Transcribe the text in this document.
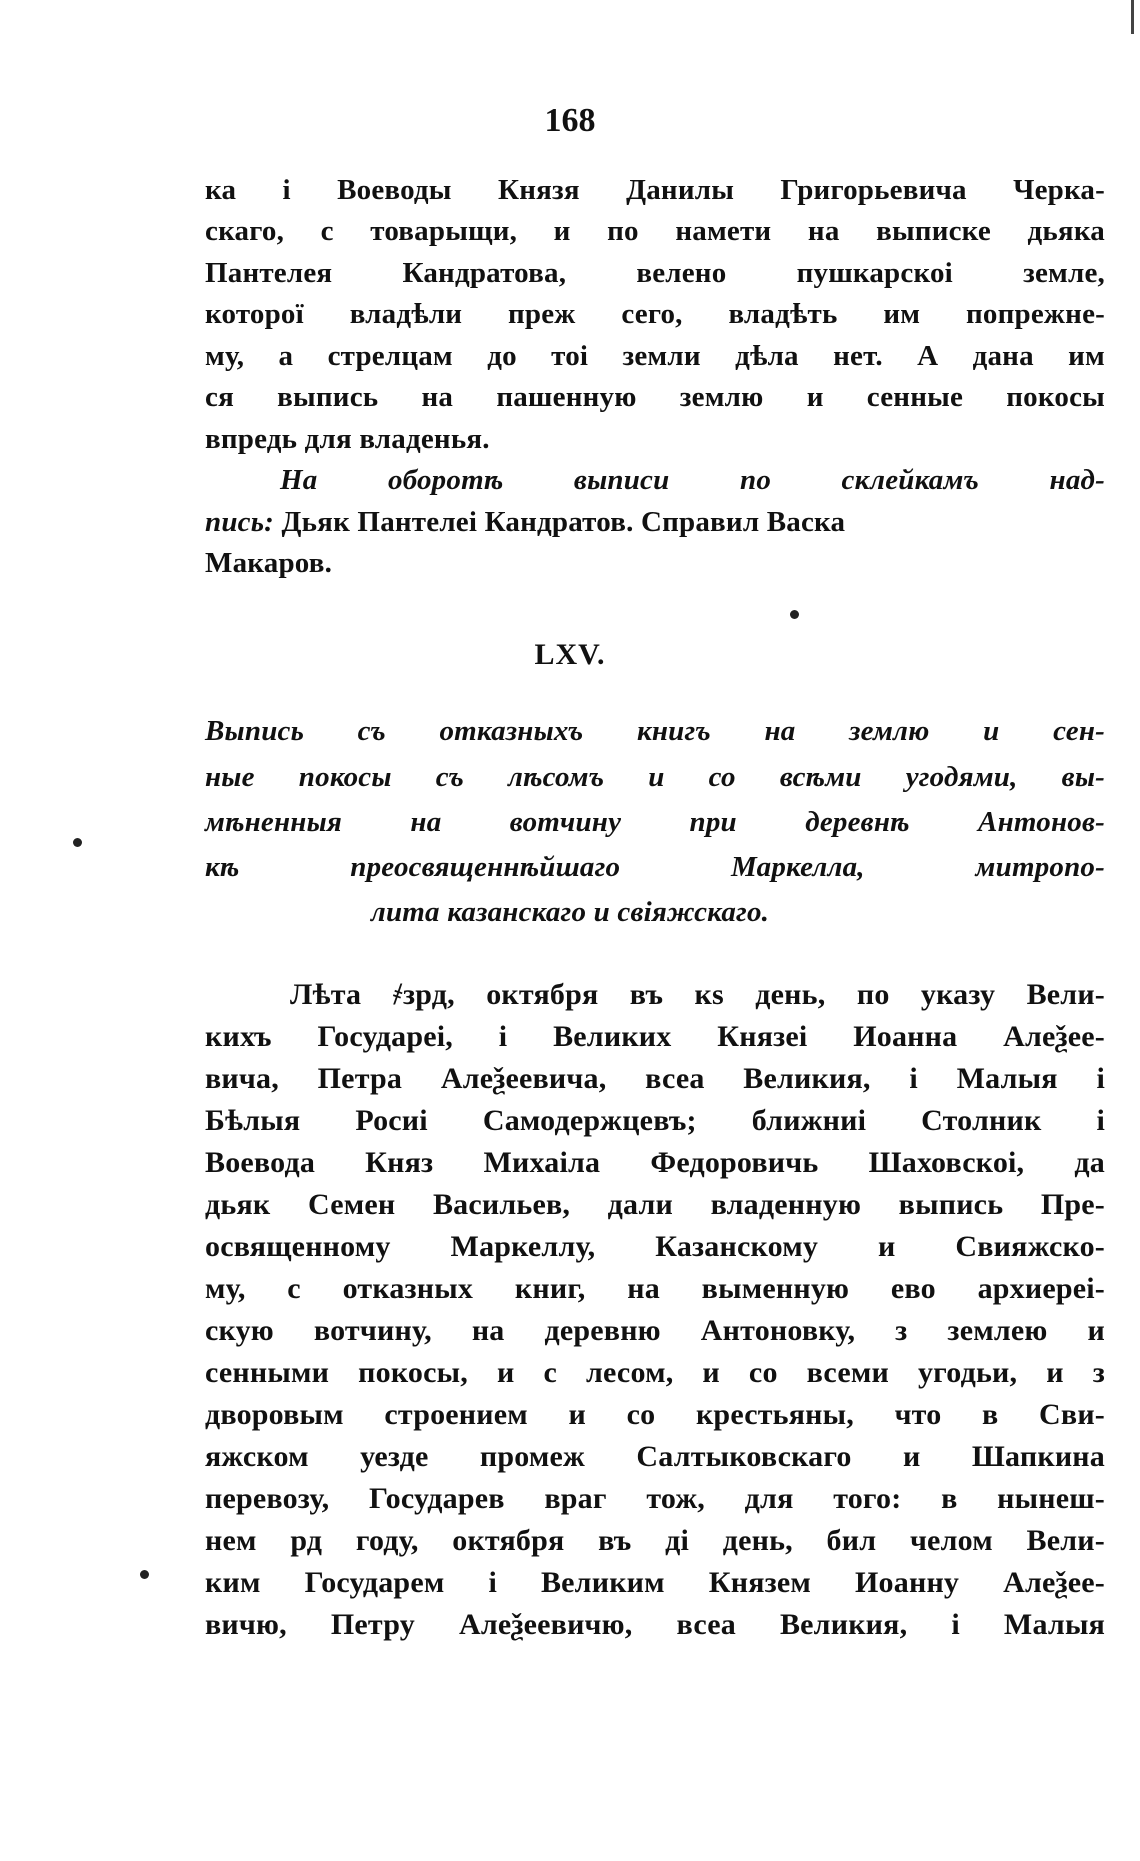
168
ка і Воеводы Князя Данилы Григорьевича Черка-
скаго, с товарыщи, и по намети на выписке дьяка
Пантелея Кандратова, велено пушкарскоі земле,
которої владѣли преж сего, владѣть им попрежне-
му, а стрелцам до тоі земли дѣла нет. А дана им
ся выпись на пашенную землю и сенные покосы
впредь для владенья.
На оборотѣ выписи по склейкамъ над-
пись: Дьяк Пантелеі Кандратов. Справил Васка
Макаров.
LXV.
Выпись съ отказныхъ книгъ на землю и сен-
ные покосы съ лѣсомъ и со всѣми угодями, вы-
мѣненныя на вотчину при деревнѣ Антонов-
кѣ преосвященнѣйшаго Маркелла, митропо-
лита казанскаго и свіяжскаго.
Лѣта ҂зрд, октября въ кѕ день, по указу Вели-
кихъ Государеі, і Великих Князеі Иоанна Алеѯее-
вича, Петра Алеѯеевича, всеа Великия, і Малыя і
Бѣлыя Росиі Самодержцевъ; ближниі Столник і
Воевода Княз Михаіла Федоровичь Шаховскоі, да
дьяк Семен Васильев, дали владенную выпись Пре-
освященному Маркеллу, Казанскому и Свияжско-
му, с отказных книг, на выменную ево архиереі-
скую вотчину, на деревню Антоновку, з землею и
сенными покосы, и с лесом, и со всеми угодьи, и з
дворовым строением и со крестьяны, что в Сви-
яжском уезде промеж Салтыковскаго и Шапкина
перевозу, Государев враг тож, для того: в нынеш-
нем рд году, октября въ ді день, бил челом Вели-
ким Государем і Великим Князем Иоанну Алеѯее-
вичю, Петру Алеѯеевичю, всеа Великия, і Малыя
